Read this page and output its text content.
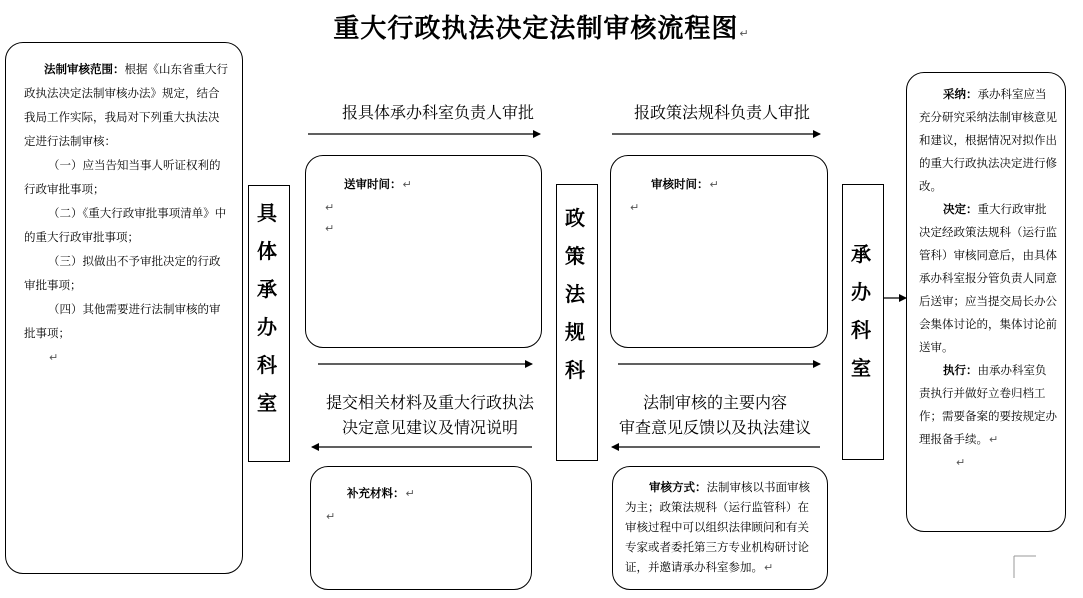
重大行政执法决定法制审核流程图↵

法制审核范围：根据《山东省重大行政执法决定法制审核办法》规定，结合我局工作实际，我局对下列重大执法决定进行法制审核：

（一）应当告知当事人听证权利的行政审批事项；

（二）《重大行政审批事项清单》中的重大行政审批事项；

（三）拟做出不予审批决定的行政审批事项；

（四）其他需要进行法制审核的审批事项；

↵

具
体
承
办
科
室
政
策
法
规
科
承
办
科
室
报具体承办科室负责人审批	报政策法规科负责人审批
提交相关材料及重大行政执法
决定意见建议及情况说明
法制审核的主要内容
审查意见反馈以及执法建议

送审时间：↵

↵

↵

审核时间：↵

↵

补充材料：↵

↵

审核方式：法制审核以书面审核为主；政策法规科（运行监管科）在审核过程中可以组织法律顾问和有关专家或者委托第三方专业机构研讨论证，并邀请承办科室参加。↵

采纳：承办科室应当充分研究采纳法制审核意见和建议，根据情况对拟作出的重大行政执法决定进行修改。

决定：重大行政审批决定经政策法规科（运行监管科）审核同意后，由具体承办科室报分管负责人同意后送审；应当提交局长办公会集体讨论的，集体讨论前送审。

执行：由承办科室负责执行并做好立卷归档工作；需要备案的要按规定办理报备手续。↵

↵
